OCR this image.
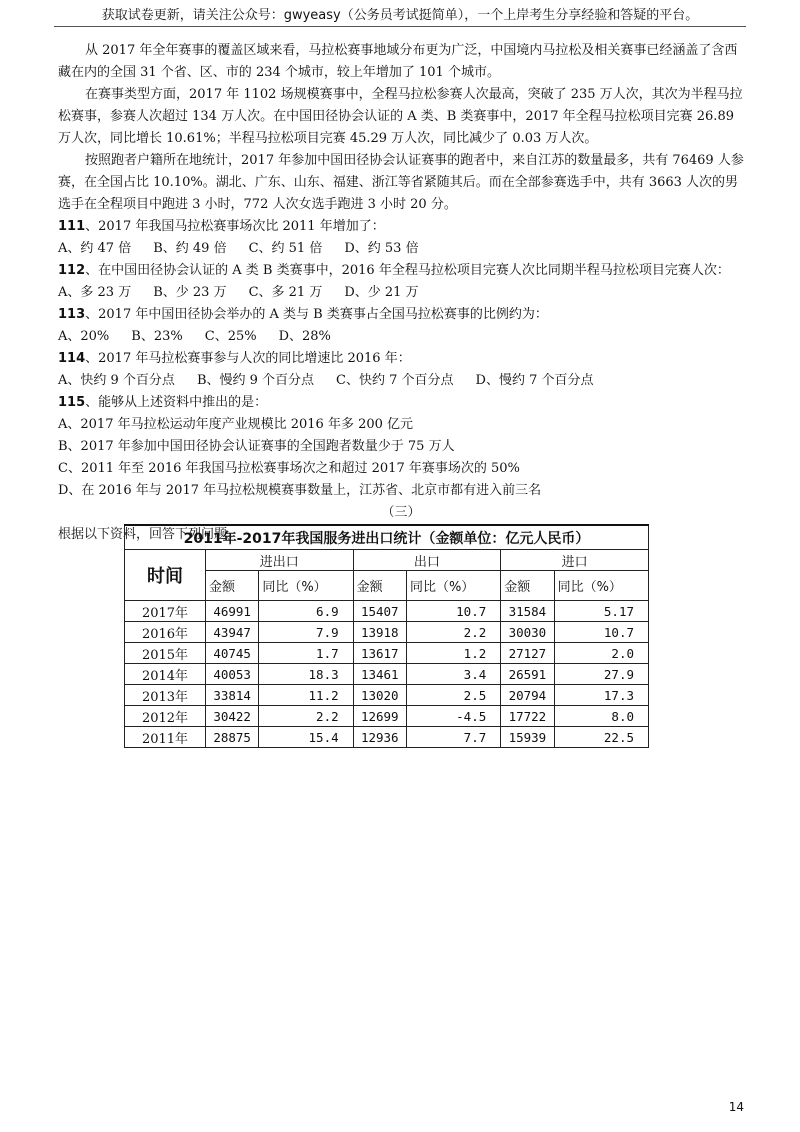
获取试卷更新，请关注公众号：gwyeasy（公务员考试挺简单），一个上岸考生分享经验和答疑的平台。

从 2017 年全年赛事的覆盖区域来看，马拉松赛事地域分布更为广泛，中国境内马拉松及相关赛事已经涵盖了含西藏在内的全国 31 个省、区、市的 234 个城市，较上年增加了 101 个城市。

在赛事类型方面，2017 年 1102 场规模赛事中，全程马拉松参赛人次最高，突破了 235 万人次，其次为半程马拉松赛事，参赛人次超过 134 万人次。在中国田径协会认证的 A 类、B 类赛事中，2017 年全程马拉松项目完赛 26.89 万人次，同比增长 10.61%；半程马拉松项目完赛 45.29 万人次，同比减少了 0.03 万人次。

按照跑者户籍所在地统计，2017 年参加中国田径协会认证赛事的跑者中，来自江苏的数量最多，共有 76469 人参赛，在全国占比 10.10%。湖北、广东、山东、福建、浙江等省紧随其后。而在全部参赛选手中，共有 3663 人次的男选手在全程项目中跑进 3 小时，772 人次女选手跑进 3 小时 20 分。

111、2017 年我国马拉松赛事场次比 2011 年增加了：

A、约 47 倍 B、约 49 倍 C、约 51 倍 D、约 53 倍

112、在中国田径协会认证的 A 类 B 类赛事中，2016 年全程马拉松项目完赛人次比同期半程马拉松项目完赛人次：

A、多 23 万 B、少 23 万 C、多 21 万 D、少 21 万

113、2017 年中国田径协会举办的 A 类与 B 类赛事占全国马拉松赛事的比例约为：

A、20% B、23% C、25% D、28%

114、2017 年马拉松赛事参与人次的同比增速比 2016 年：

A、快约 9 个百分点 B、慢约 9 个百分点 C、快约 7 个百分点 D、慢约 7 个百分点

115、能够从上述资料中推出的是：

A、2017 年马拉松运动年度产业规模比 2016 年多 200 亿元

B、2017 年参加中国田径协会认证赛事的全国跑者数量少于 75 万人

C、2011 年至 2016 年我国马拉松赛事场次之和超过 2017 年赛事场次的 50%

D、在 2016 年与 2017 年马拉松规模赛事数量上，江苏省、北京市都有进入前三名

（三）

根据以下资料，回答下列问题。

2011年-2017年我国服务进出口统计（金额单位：亿元人民币）						
时间	进出口		出口		进口	
	金额	同比（%）	金额	同比（%）	金额	同比（%）
2017年	46991	6.9	15407	10.7	31584	5.17
2016年	43947	7.9	13918	2.2	30030	10.7
2015年	40745	1.7	13617	1.2	27127	2.0
2014年	40053	18.3	13461	3.4	26591	27.9
2013年	33814	11.2	13020	2.5	20794	17.3
2012年	30422	2.2	12699	-4.5	17722	8.0
2011年	28875	15.4	12936	7.7	15939	22.5
14
